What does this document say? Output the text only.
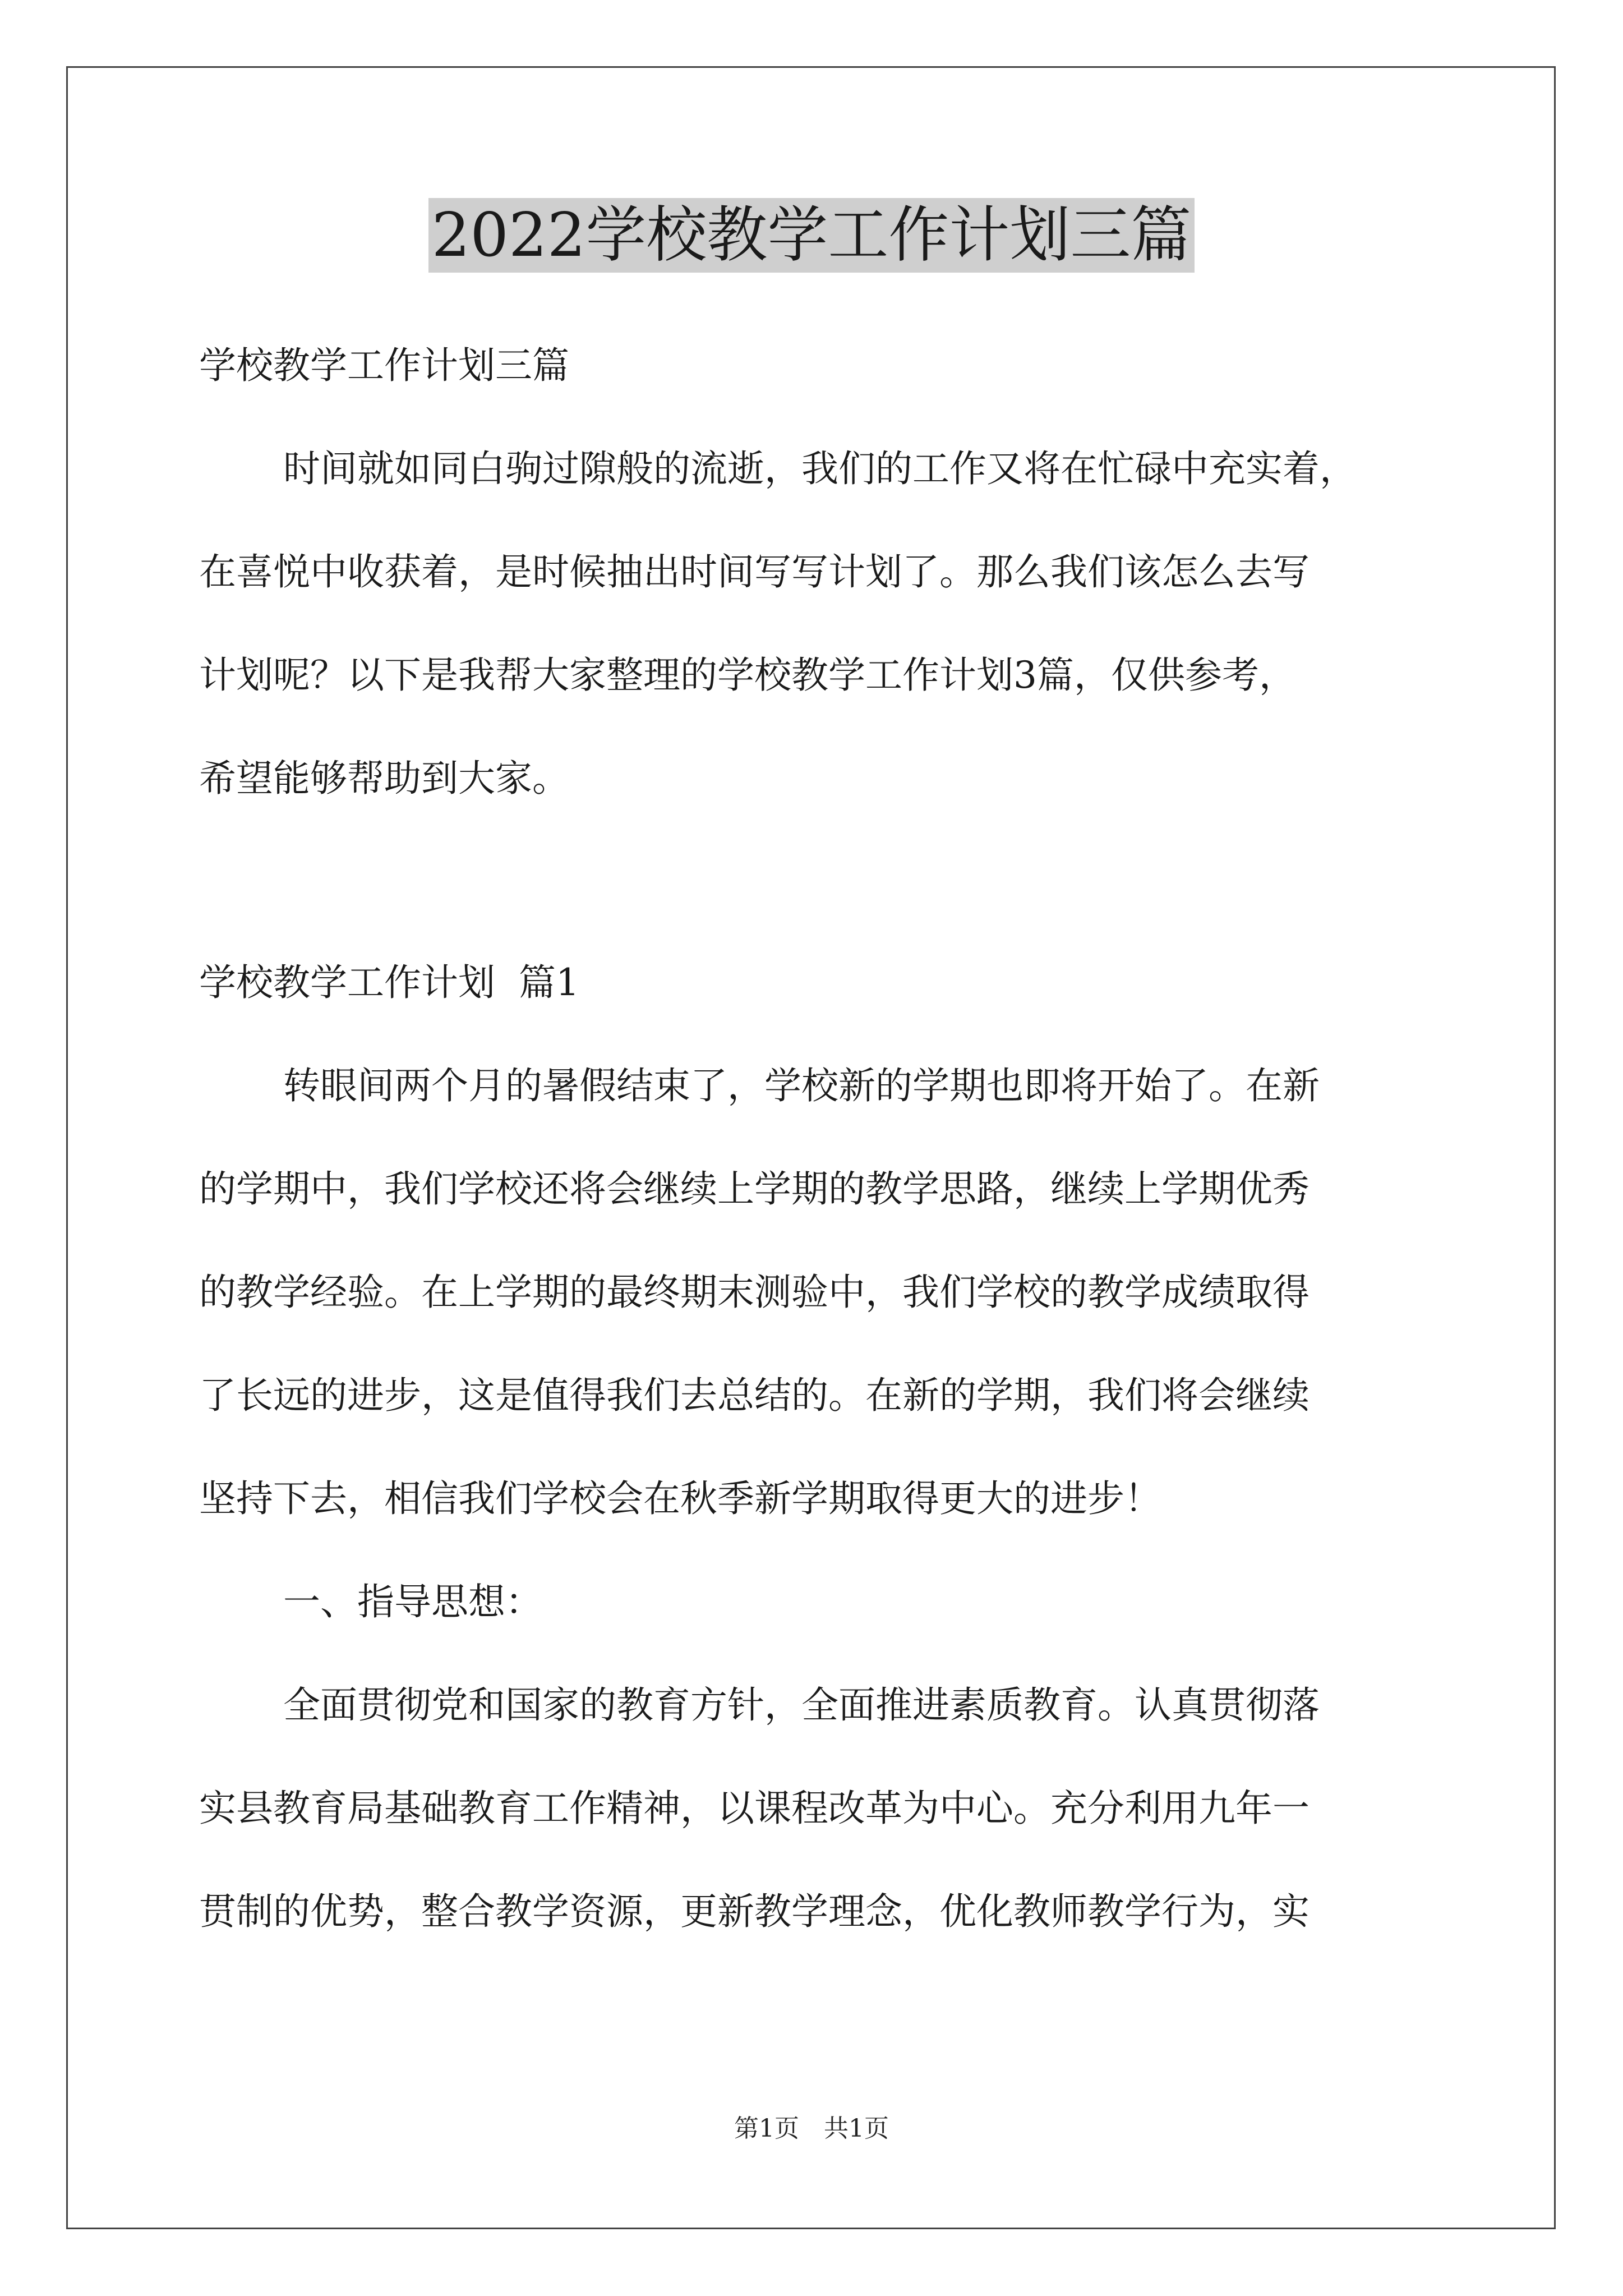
2022学校教学工作计划三篇

学校教学工作计划三篇

时间就如同白驹过隙般的流逝，我们的工作又将在忙碌中充实着，

在喜悦中收获着，是时候抽出时间写写计划了。那么我们该怎么去写

计划呢？以下是我帮大家整理的学校教学工作计划3篇，仅供参考，

希望能够帮助到大家。

学校教学工作计划  篇1

转眼间两个月的暑假结束了，学校新的学期也即将开始了。在新

的学期中，我们学校还将会继续上学期的教学思路，继续上学期优秀

的教学经验。在上学期的最终期末测验中，我们学校的教学成绩取得

了长远的进步，这是值得我们去总结的。在新的学期，我们将会继续

坚持下去，相信我们学校会在秋季新学期取得更大的进步！

一、指导思想：

全面贯彻党和国家的教育方针，全面推进素质教育。认真贯彻落

实县教育局基础教育工作精神，以课程改革为中心。充分利用九年一

贯制的优势，整合教学资源，更新教学理念，优化教师教学行为，实

第1页 共1页
